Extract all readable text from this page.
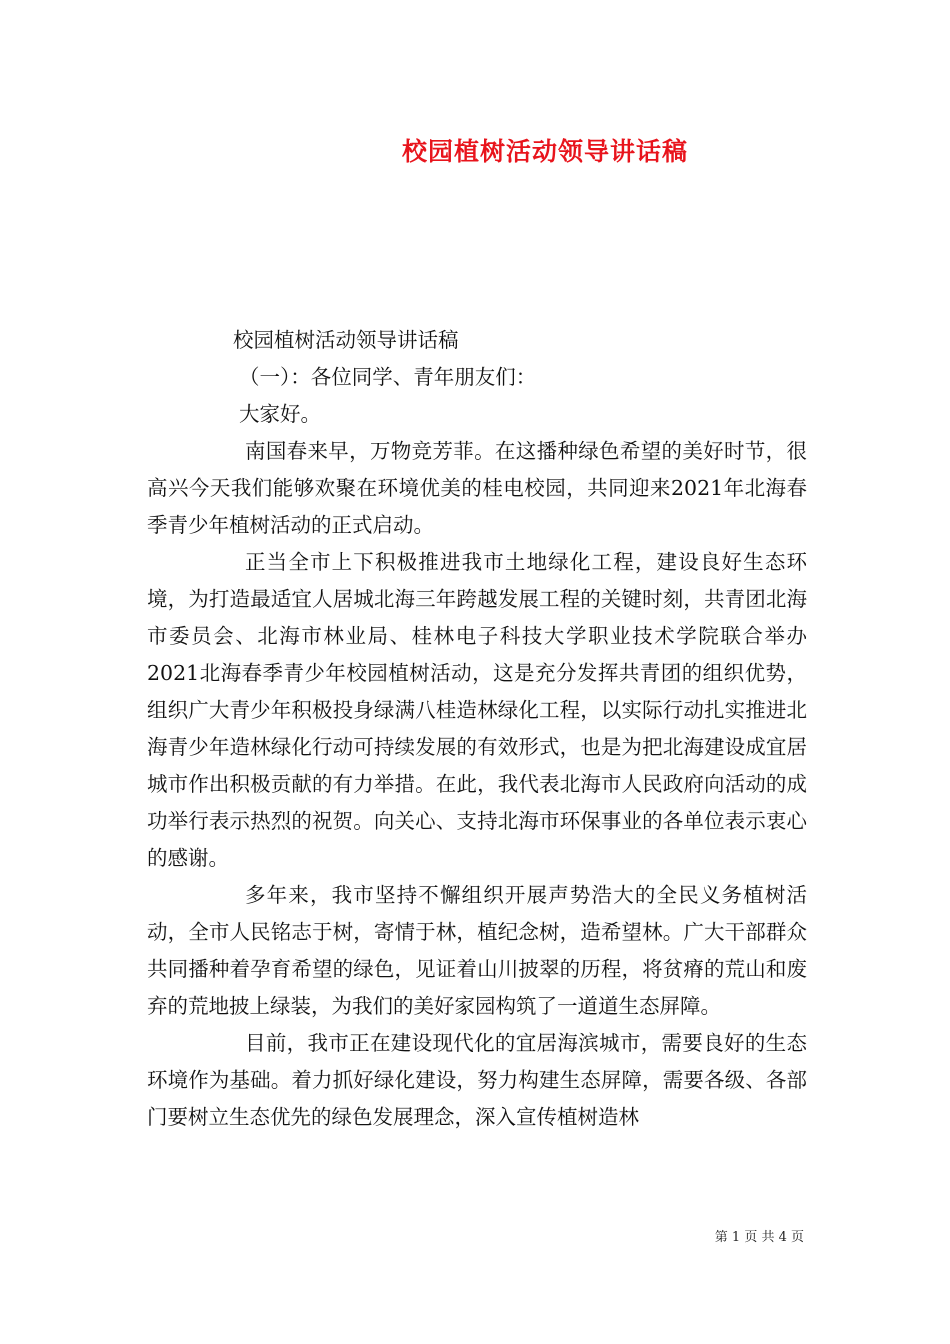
校园植树活动领导讲话稿

校园植树活动领导讲话稿

（一）：各位同学、青年朋友们：

大家好。

南国春来早，万物竞芳菲。在这播种绿色希望的美好时节，很高兴今天我们能够欢聚在环境优美的桂电校园，共同迎来2021年北海春季青少年植树活动的正式启动。

正当全市上下积极推进我市土地绿化工程，建设良好生态环境，为打造最适宜人居城北海三年跨越发展工程的关键时刻，共青团北海市委员会、北海市林业局、桂林电子科技大学职业技术学院联合举办2021北海春季青少年校园植树活动，这是充分发挥共青团的组织优势，组织广大青少年积极投身绿满八桂造林绿化工程，以实际行动扎实推进北海青少年造林绿化行动可持续发展的有效形式，也是为把北海建设成宜居城市作出积极贡献的有力举措。在此，我代表北海市人民政府向活动的成功举行表示热烈的祝贺。向关心、支持北海市环保事业的各单位表示衷心的感谢。

多年来，我市坚持不懈组织开展声势浩大的全民义务植树活动，全市人民铭志于树，寄情于林，植纪念树，造希望林。广大干部群众共同播种着孕育希望的绿色，见证着山川披翠的历程，将贫瘠的荒山和废弃的荒地披上绿装，为我们的美好家园构筑了一道道生态屏障。

目前，我市正在建设现代化的宜居海滨城市，需要良好的生态环境作为基础。着力抓好绿化建设，努力构建生态屏障，需要各级、各部门要树立生态优先的绿色发展理念，深入宣传植树造林

第 1 页 共 4 页
